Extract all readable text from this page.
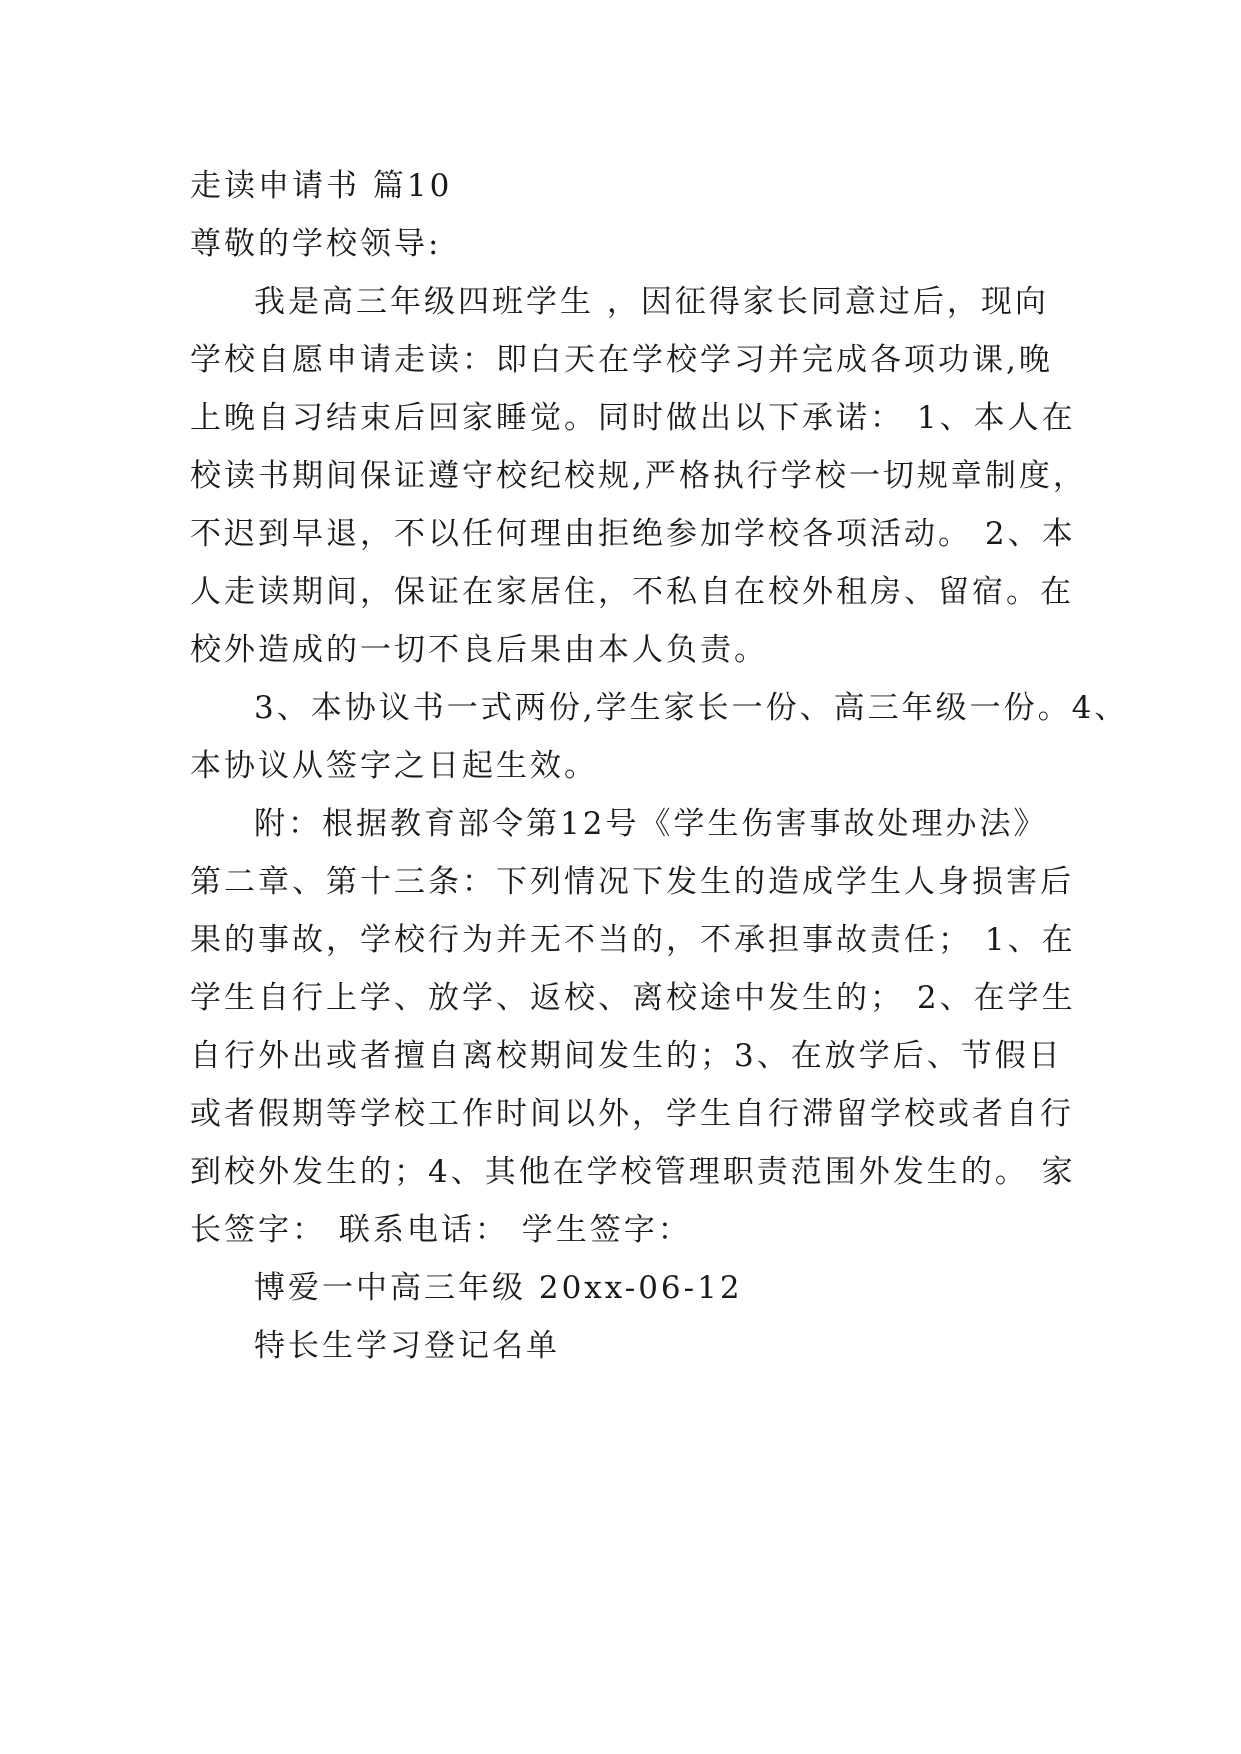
走读申请书 篇10
尊敬的学校领导:
我是高三年级四班学生 ，因征得家长同意过后，现向
学校自愿申请走读：即白天在学校学习并完成各项功课,晚
上晚自习结束后回家睡觉。同时做出以下承诺： 1、本人在
校读书期间保证遵守校纪校规,严格执行学校一切规章制度，
不迟到早退，不以任何理由拒绝参加学校各项活动。 2、本
人走读期间，保证在家居住，不私自在校外租房、留宿。在
校外造成的一切不良后果由本人负责。
3、本协议书一式两份,学生家长一份、高三年级一份。4、
本协议从签字之日起生效。
附：根据教育部令第12号《学生伤害事故处理办法》
第二章、第十三条：下列情况下发生的造成学生人身损害后
果的事故，学校行为并无不当的，不承担事故责任； 1、在
学生自行上学、放学、返校、离校途中发生的； 2、在学生
自行外出或者擅自离校期间发生的；3、在放学后、节假日
或者假期等学校工作时间以外，学生自行滞留学校或者自行
到校外发生的；4、其他在学校管理职责范围外发生的。 家
长签字： 联系电话： 学生签字：
博爱一中高三年级 20xx-06-12
特长生学习登记名单
